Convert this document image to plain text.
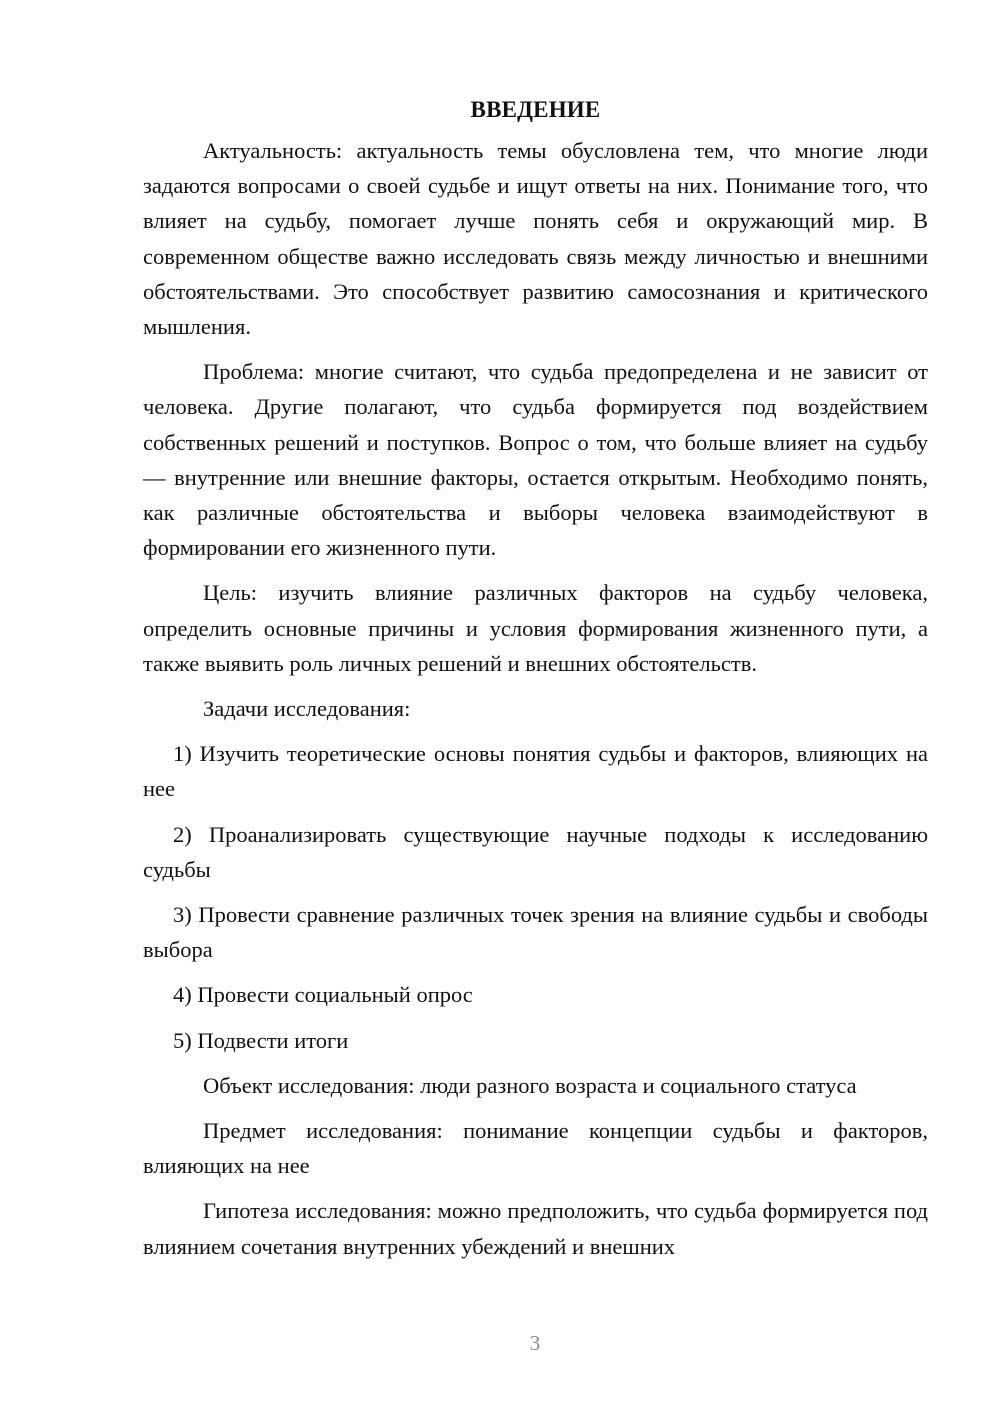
ВВЕДЕНИЕ

Актуальность: актуальность темы обусловлена тем, что многие люди задаются вопросами о своей судьбе и ищут ответы на них. Понимание того, что влияет на судьбу, помогает лучше понять себя и окружающий мир. В современном обществе важно исследовать связь между личностью и внешними обстоятельствами. Это способствует развитию самосознания и критического мышления.

Проблема: многие считают, что судьба предопределена и не зависит от человека. Другие полагают, что судьба формируется под воздействием собственных решений и поступков. Вопрос о том, что больше влияет на судьбу — внутренние или внешние факторы, остается открытым. Необходимо понять, как различные обстоятельства и выборы человека взаимодействуют в формировании его жизненного пути.

Цель: изучить влияние различных факторов на судьбу человека, определить основные причины и условия формирования жизненного пути, а также выявить роль личных решений и внешних обстоятельств.

Задачи исследования:

1) Изучить теоретические основы понятия судьбы и факторов, влияющих на нее

2) Проанализировать существующие научные подходы к исследованию судьбы

3) Провести сравнение различных точек зрения на влияние судьбы и свободы выбора

4) Провести социальный опрос

5) Подвести итоги

Объект исследования: люди разного возраста и социального статуса

Предмет исследования: понимание концепции судьбы и факторов, влияющих на нее

Гипотеза исследования: можно предположить, что судьба формируется под влиянием сочетания внутренних убеждений и внешних

3
